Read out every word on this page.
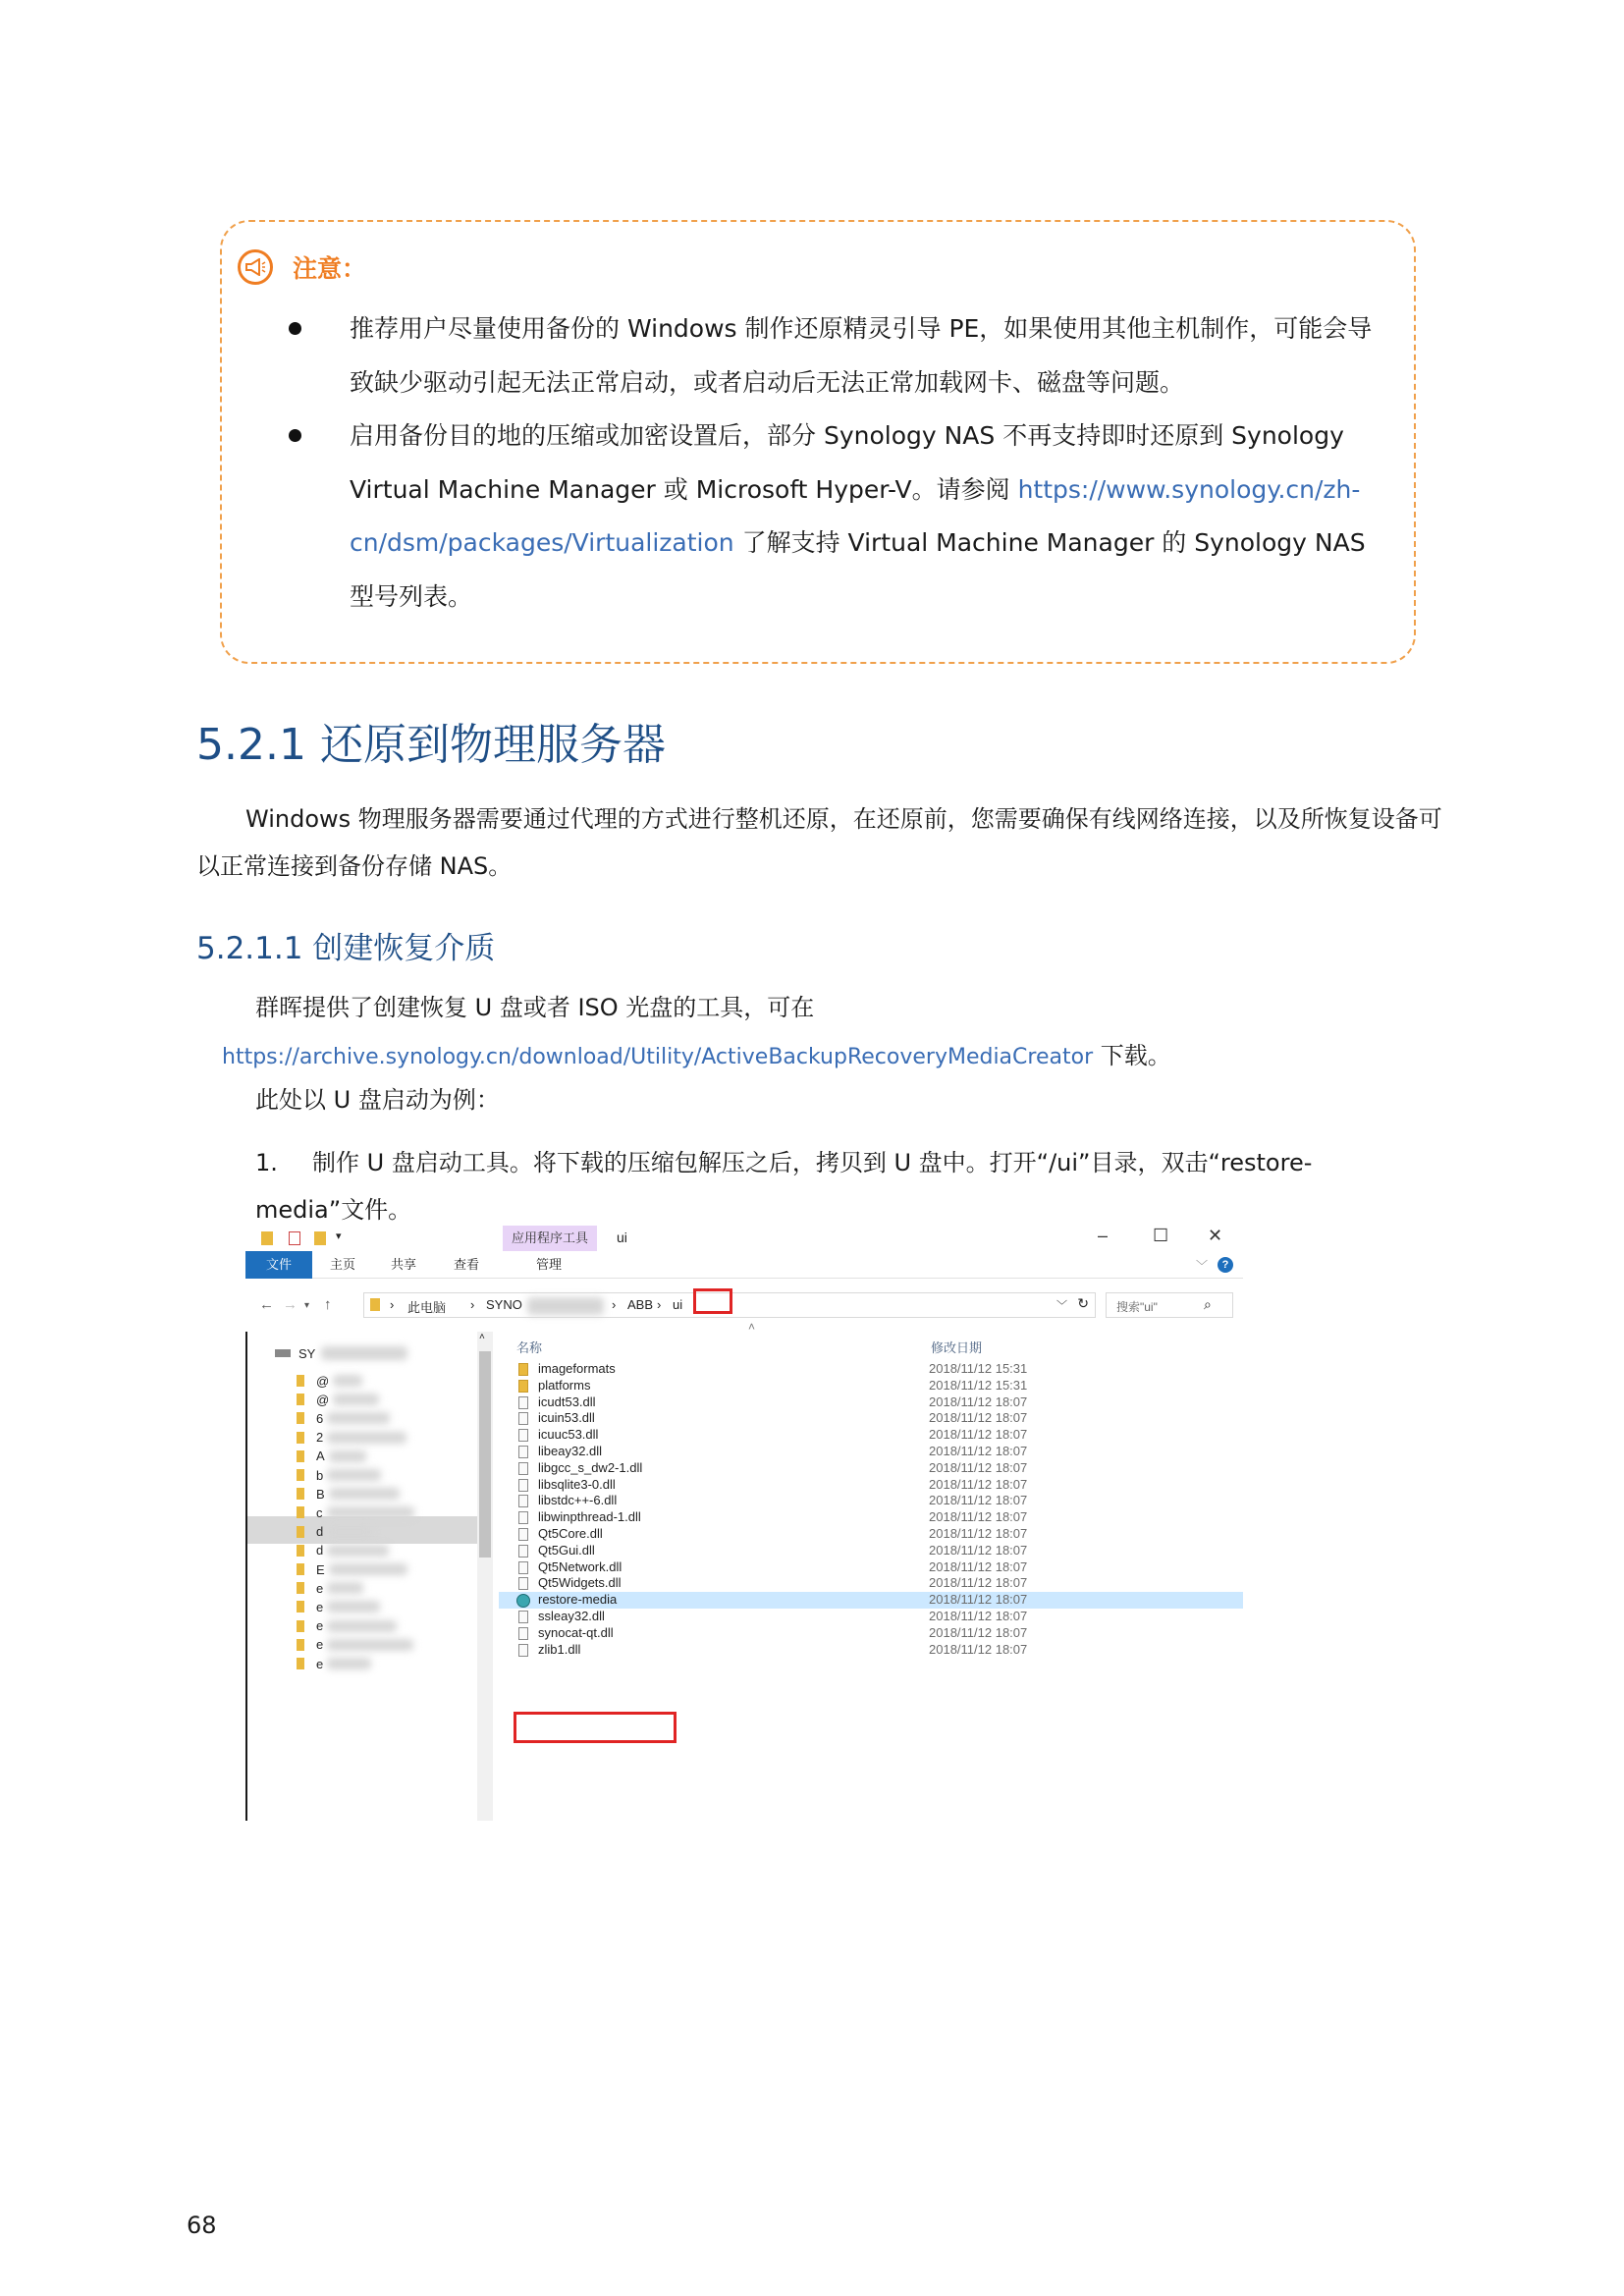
注意：
推荐用户尽量使用备份的 Windows 制作还原精灵引导 PE，如果使用其他主机制作，可能会导致缺少驱动引起无法正常启动，或者启动后无法正常加载网卡、磁盘等问题。
启用备份目的地的压缩或加密设置后，部分 Synology NAS 不再支持即时还原到 Synology Virtual Machine Manager 或 Microsoft Hyper-V。请参阅 https://www.synology.cn/zh-cn/dsm/packages/Virtualization 了解支持 Virtual Machine Manager 的 Synology NAS 型号列表。
5.2.1 还原到物理服务器

Windows 物理服务器需要通过代理的方式进行整机还原，在还原前，您需要确保有线网络连接，以及所恢复设备可以正常连接到备份存储 NAS。

5.2.1.1 创建恢复介质

群晖提供了创建恢复 U 盘或者 ISO 光盘的工具，可在

https://archive.synology.cn/download/Utility/ActiveBackupRecoveryMediaCreator 下载。

此处以 U 盘启动为例：

1. 制作 U 盘启动工具。将下载的压缩包解压之后，拷贝到 U 盘中。打开“/ui”目录，双击“restore-media”文件。
▾	应用程序工具	ui	–	☐ ✕
文件	主页	共享	查看	管理	﹀	?
← → ▾ ↑	› 此电脑 › SYNO	› ABB › ui	﹀ ↻	搜索"ui"	⌕
˄
SY
@
@
6
2
A
b
B
c
d
d
E
e
e
e
e
e
˄
名称	修改日期
imageformats	2018/11/12 15:31
platforms	2018/11/12 15:31
icudt53.dll	2018/11/12 18:07
icuin53.dll	2018/11/12 18:07
icuuc53.dll	2018/11/12 18:07
libeay32.dll	2018/11/12 18:07
libgcc_s_dw2-1.dll	2018/11/12 18:07
libsqlite3-0.dll	2018/11/12 18:07
libstdc++-6.dll	2018/11/12 18:07
libwinpthread-1.dll	2018/11/12 18:07
Qt5Core.dll	2018/11/12 18:07
Qt5Gui.dll	2018/11/12 18:07
Qt5Network.dll	2018/11/12 18:07
Qt5Widgets.dll	2018/11/12 18:07
restore-media	2018/11/12 18:07
ssleay32.dll	2018/11/12 18:07
synocat-qt.dll	2018/11/12 18:07
zlib1.dll	2018/11/12 18:07
68
